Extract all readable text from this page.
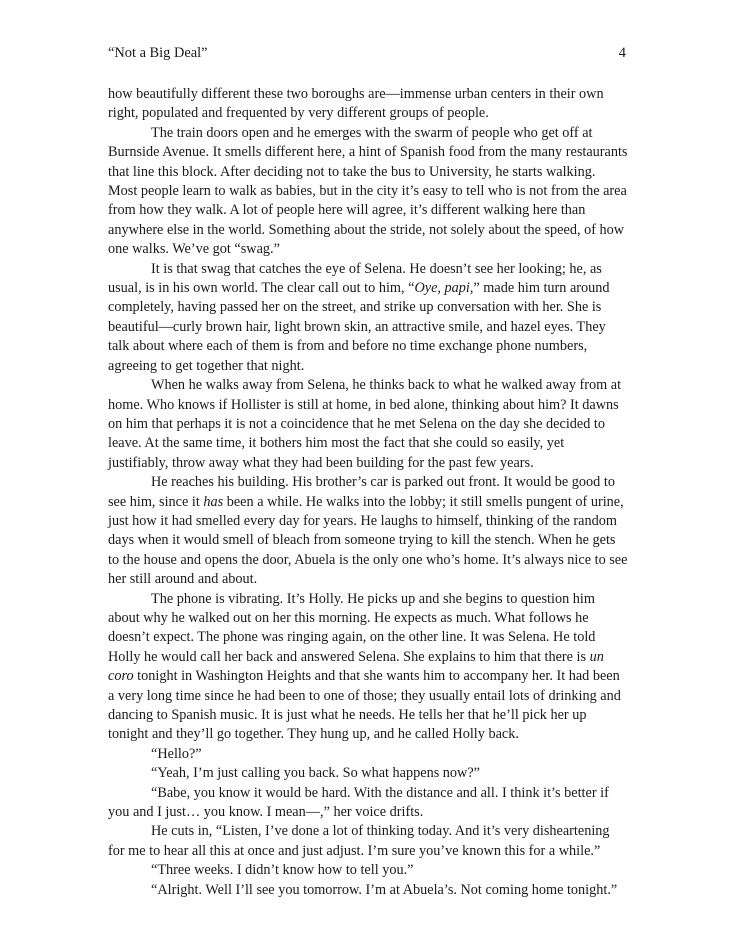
“Not a Big Deal”	4

how beautifully different these two boroughs are—immense urban centers in their own right, populated and frequented by very different groups of people.

The train doors open and he emerges with the swarm of people who get off at Burnside Avenue. It smells different here, a hint of Spanish food from the many restaurants that line this block. After deciding not to take the bus to University, he starts walking. Most people learn to walk as babies, but in the city it’s easy to tell who is not from the area from how they walk. A lot of people here will agree, it’s different walking here than anywhere else in the world. Something about the stride, not solely about the speed, of how one walks. We’ve got “swag.”

It is that swag that catches the eye of Selena. He doesn’t see her looking; he, as usual, is in his own world. The clear call out to him, “Oye, papi,” made him turn around completely, having passed her on the street, and strike up conversation with her. She is beautiful—curly brown hair, light brown skin, an attractive smile, and hazel eyes. They talk about where each of them is from and before no time exchange phone numbers, agreeing to get together that night.

When he walks away from Selena, he thinks back to what he walked away from at home. Who knows if Hollister is still at home, in bed alone, thinking about him? It dawns on him that perhaps it is not a coincidence that he met Selena on the day she decided to leave. At the same time, it bothers him most the fact that she could so easily, yet justifiably, throw away what they had been building for the past few years.

He reaches his building. His brother’s car is parked out front. It would be good to see him, since it has been a while. He walks into the lobby; it still smells pungent of urine, just how it had smelled every day for years. He laughs to himself, thinking of the random days when it would smell of bleach from someone trying to kill the stench. When he gets to the house and opens the door, Abuela is the only one who’s home. It’s always nice to see her still around and about.

The phone is vibrating. It’s Holly. He picks up and she begins to question him about why he walked out on her this morning. He expects as much. What follows he doesn’t expect. The phone was ringing again, on the other line. It was Selena. He told Holly he would call her back and answered Selena. She explains to him that there is un coro tonight in Washington Heights and that she wants him to accompany her. It had been a very long time since he had been to one of those; they usually entail lots of drinking and dancing to Spanish music. It is just what he needs. He tells her that he’ll pick her up tonight and they’ll go together. They hung up, and he called Holly back.

“Hello?”

“Yeah, I’m just calling you back. So what happens now?”

“Babe, you know it would be hard. With the distance and all. I think it’s better if you and I just… you know. I mean—,” her voice drifts.

He cuts in, “Listen, I’ve done a lot of thinking today. And it’s very disheartening for me to hear all this at once and just adjust. I’m sure you’ve known this for a while.”

“Three weeks. I didn’t know how to tell you.”

“Alright. Well I’ll see you tomorrow. I’m at Abuela’s. Not coming home tonight.”
